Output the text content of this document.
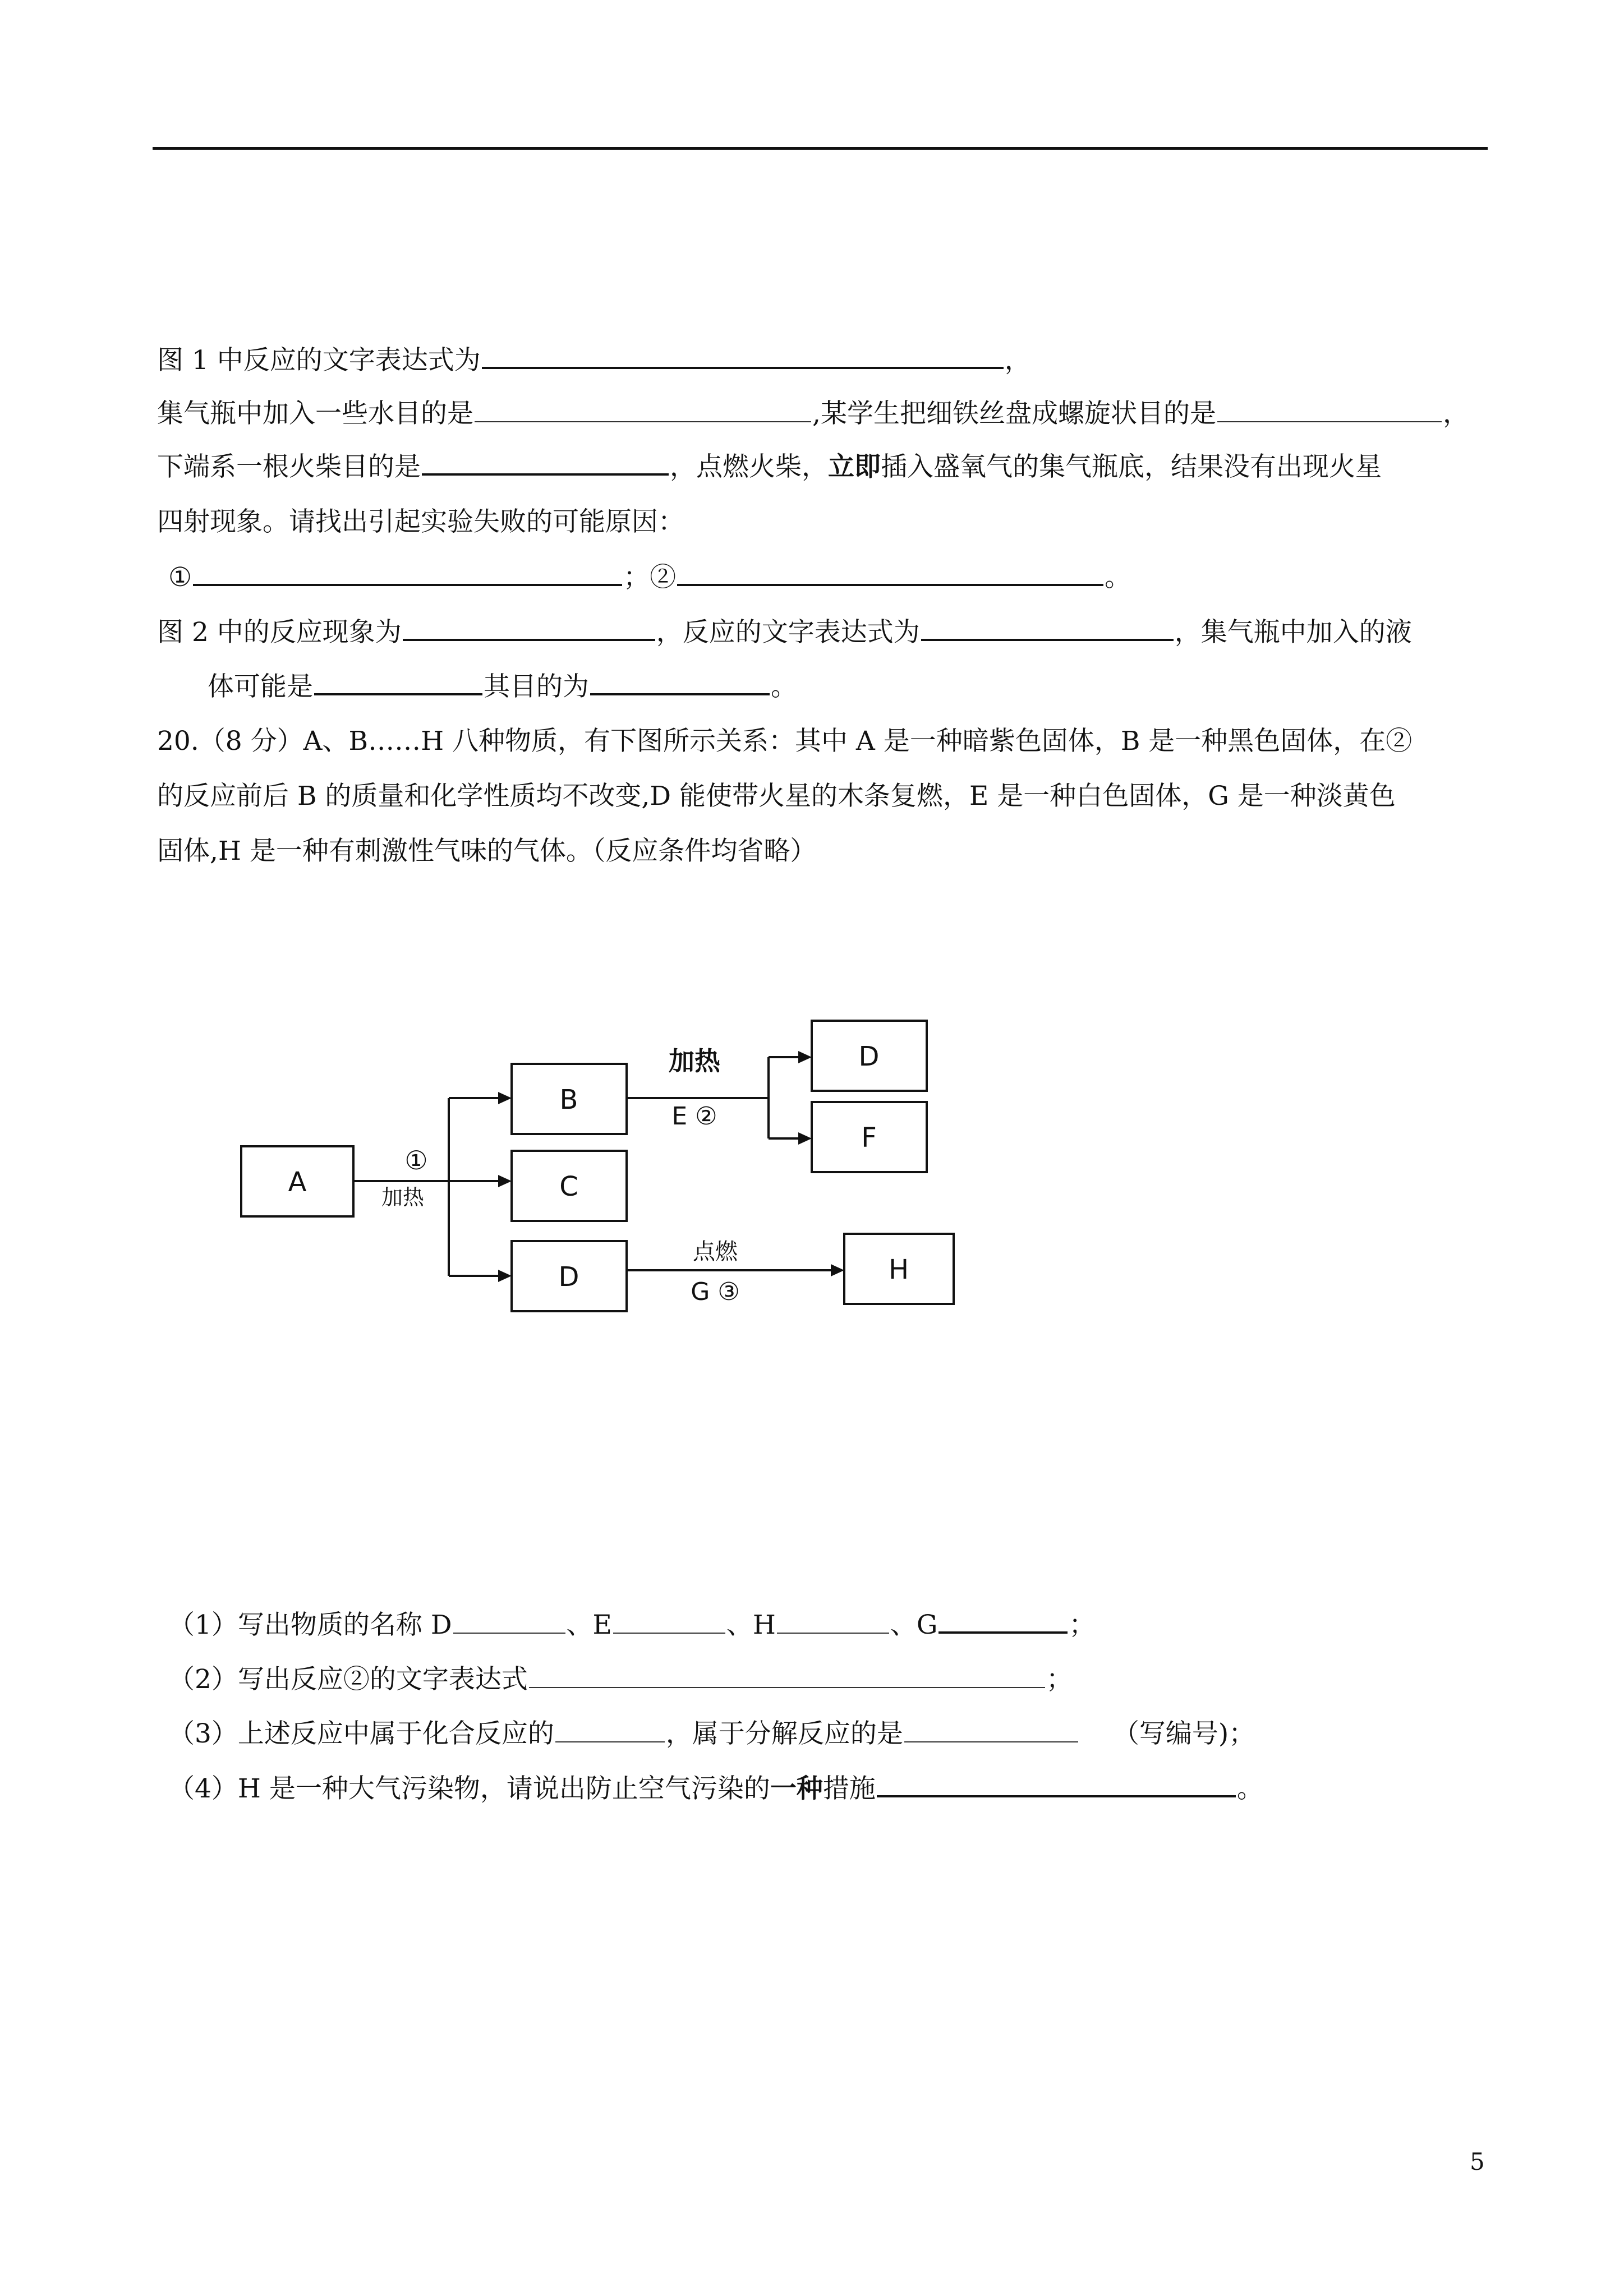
图 1 中反应的文字表达式为	，
集气瓶中加入一些水目的是	,某学生把细铁丝盘成螺旋状目的是	，
下端系一根火柴目的是	，点燃火柴，立即插入盛氧气的集气瓶底，结果没有出现火星
四射现象。请找出引起实验失败的可能原因：
①	；②	。
图 2 中的反应现象为	，反应的文字表达式为	，集气瓶中加入的液
体可能是	其目的为	。
20.（8 分）A、B……H 八种物质，有下图所示关系：其中 A 是一种暗紫色固体，B 是一种黑色固体，在②
的反应前后 B 的质量和化学性质均不改变,D 能使带火星的木条复燃，E 是一种白色固体，G 是一种淡黄色
固体,H 是一种有刺激性气味的气体。（反应条件均省略）
A
B
C
D
D
F
H
①
加热
加热
E ②
点燃
G ③
（1）写出物质的名称 D	、E	、H	、G	；
（2）写出反应②的文字表达式	；
（3）上述反应中属于化合反应的	，属于分解反应的是	（写编号)；
（4）H 是一种大气污染物，请说出防止空气污染的一种措施	。
5
